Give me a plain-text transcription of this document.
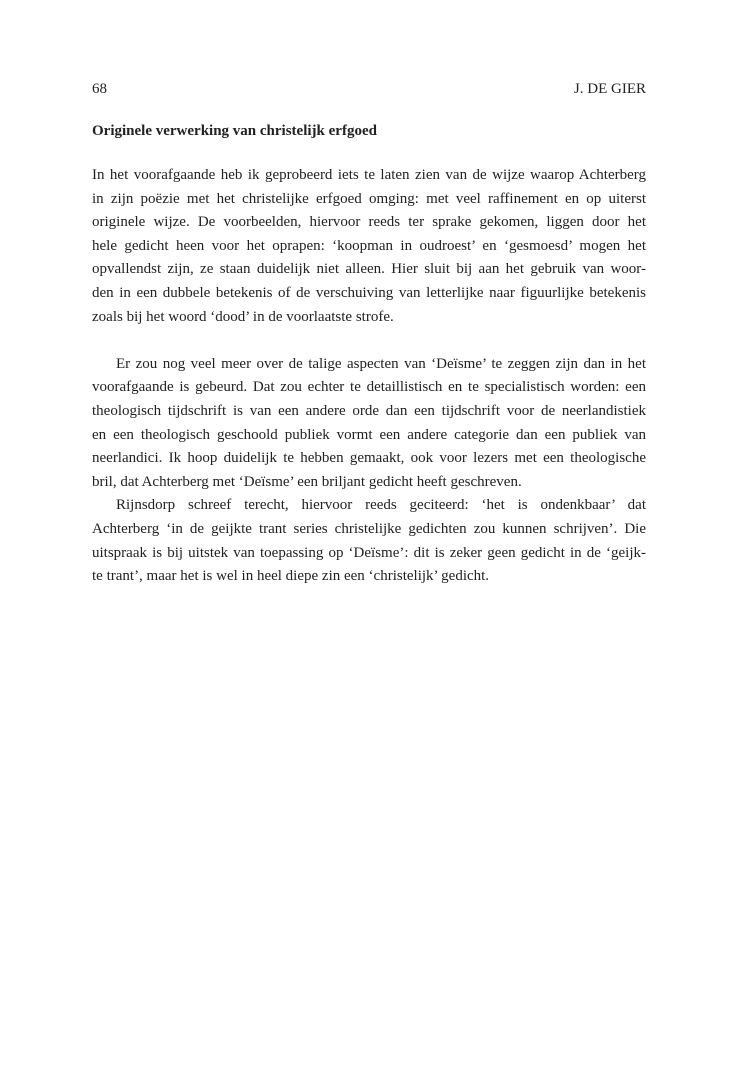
68	J. DE GIER
Originele verwerking van christelijk erfgoed

In het voorafgaande heb ik geprobeerd iets te laten zien van de wijze waarop Achterberg
in zijn poëzie met het christelijke erfgoed omging: met veel raffinement en op uiterst
originele wijze. De voorbeelden, hiervoor reeds ter sprake gekomen, liggen door het
hele gedicht heen voor het oprapen: ‘koopman in oudroest’ en ‘gesmoesd’ mogen het
opvallendst zijn, ze staan duidelijk niet alleen. Hier sluit bij aan het gebruik van woor-
den in een dubbele betekenis of de verschuiving van letterlijke naar figuurlijke betekenis
zoals bij het woord ‘dood’ in de voorlaatste strofe.

Er zou nog veel meer over de talige aspecten van ‘Deïsme’ te zeggen zijn dan in het
voorafgaande is gebeurd. Dat zou echter te detaillistisch en te specialistisch worden: een
theologisch tijdschrift is van een andere orde dan een tijdschrift voor de neerlandistiek
en een theologisch geschoold publiek vormt een andere categorie dan een publiek van
neerlandici. Ik hoop duidelijk te hebben gemaakt, ook voor lezers met een theologische
bril, dat Achterberg met ‘Deïsme’ een briljant gedicht heeft geschreven.

Rijnsdorp schreef terecht, hiervoor reeds geciteerd: ‘het is ondenkbaar’ dat
Achterberg ‘in de geijkte trant series christelijke gedichten zou kunnen schrijven’. Die
uitspraak is bij uitstek van toepassing op ‘Deïsme’: dit is zeker geen gedicht in de ‘geijk-
te trant’, maar het is wel in heel diepe zin een ‘christelijk’ gedicht.
